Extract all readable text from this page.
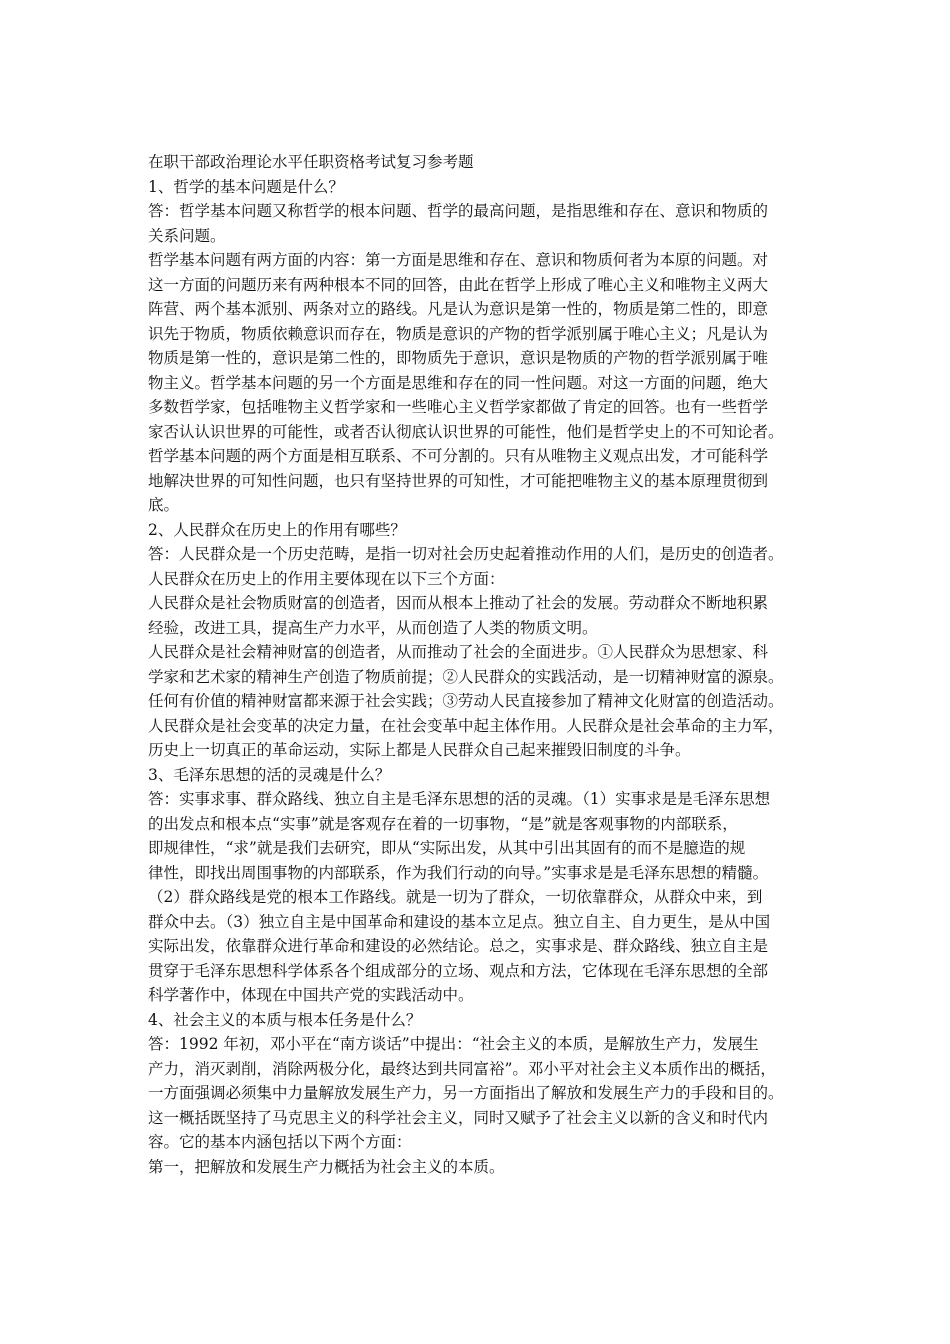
在职干部政治理论水平任职资格考试复习参考题
1、哲学的基本问题是什么？
答：哲学基本问题又称哲学的根本问题、哲学的最高问题，是指思维和存在、意识和物质的
关系问题。
哲学基本问题有两方面的内容：第一方面是思维和存在、意识和物质何者为本原的问题。对
这一方面的问题历来有两种根本不同的回答，由此在哲学上形成了唯心主义和唯物主义两大
阵营、两个基本派别、两条对立的路线。凡是认为意识是第一性的，物质是第二性的，即意
识先于物质，物质依赖意识而存在，物质是意识的产物的哲学派别属于唯心主义；凡是认为
物质是第一性的，意识是第二性的，即物质先于意识，意识是物质的产物的哲学派别属于唯
物主义。哲学基本问题的另一个方面是思维和存在的同一性问题。对这一方面的问题，绝大
多数哲学家，包括唯物主义哲学家和一些唯心主义哲学家都做了肯定的回答。也有一些哲学
家否认认识世界的可能性，或者否认彻底认识世界的可能性，他们是哲学史上的不可知论者。
哲学基本问题的两个方面是相互联系、不可分割的。只有从唯物主义观点出发，才可能科学
地解决世界的可知性问题，也只有坚持世界的可知性，才可能把唯物主义的基本原理贯彻到
底。
2、人民群众在历史上的作用有哪些？
答：人民群众是一个历史范畴，是指一切对社会历史起着推动作用的人们，是历史的创造者。
人民群众在历史上的作用主要体现在以下三个方面：
人民群众是社会物质财富的创造者，因而从根本上推动了社会的发展。劳动群众不断地积累
经验，改进工具，提高生产力水平，从而创造了人类的物质文明。
人民群众是社会精神财富的创造者，从而推动了社会的全面进步。①人民群众为思想家、科
学家和艺术家的精神生产创造了物质前提；②人民群众的实践活动，是一切精神财富的源泉。
任何有价值的精神财富都来源于社会实践；③劳动人民直接参加了精神文化财富的创造活动。
人民群众是社会变革的决定力量，在社会变革中起主体作用。人民群众是社会革命的主力军，
历史上一切真正的革命运动，实际上都是人民群众自己起来摧毁旧制度的斗争。
3、毛泽东思想的活的灵魂是什么？
答：实事求事、群众路线、独立自主是毛泽东思想的活的灵魂。（1）实事求是是毛泽东思想
的出发点和根本点“实事”就是客观存在着的一切事物，“是”就是客观事物的内部联系，
即规律性，“求”就是我们去研究，即从“实际出发，从其中引出其固有的而不是臆造的规
律性，即找出周围事物的内部联系，作为我们行动的向导。”实事求是是毛泽东思想的精髓。
（2）群众路线是党的根本工作路线。就是一切为了群众，一切依靠群众，从群众中来，到
群众中去。（3）独立自主是中国革命和建设的基本立足点。独立自主、自力更生，是从中国
实际出发，依靠群众进行革命和建设的必然结论。总之，实事求是、群众路线、独立自主是
贯穿于毛泽东思想科学体系各个组成部分的立场、观点和方法，它体现在毛泽东思想的全部
科学著作中，体现在中国共产党的实践活动中。
4、社会主义的本质与根本任务是什么？
答：1992 年初，邓小平在“南方谈话”中提出：“社会主义的本质，是解放生产力，发展生
产力，消灭剥削，消除两极分化，最终达到共同富裕”。邓小平对社会主义本质作出的概括，
一方面强调必须集中力量解放发展生产力，另一方面指出了解放和发展生产力的手段和目的。
这一概括既坚持了马克思主义的科学社会主义，同时又赋予了社会主义以新的含义和时代内
容。它的基本内涵包括以下两个方面：
第一，把解放和发展生产力概括为社会主义的本质。
